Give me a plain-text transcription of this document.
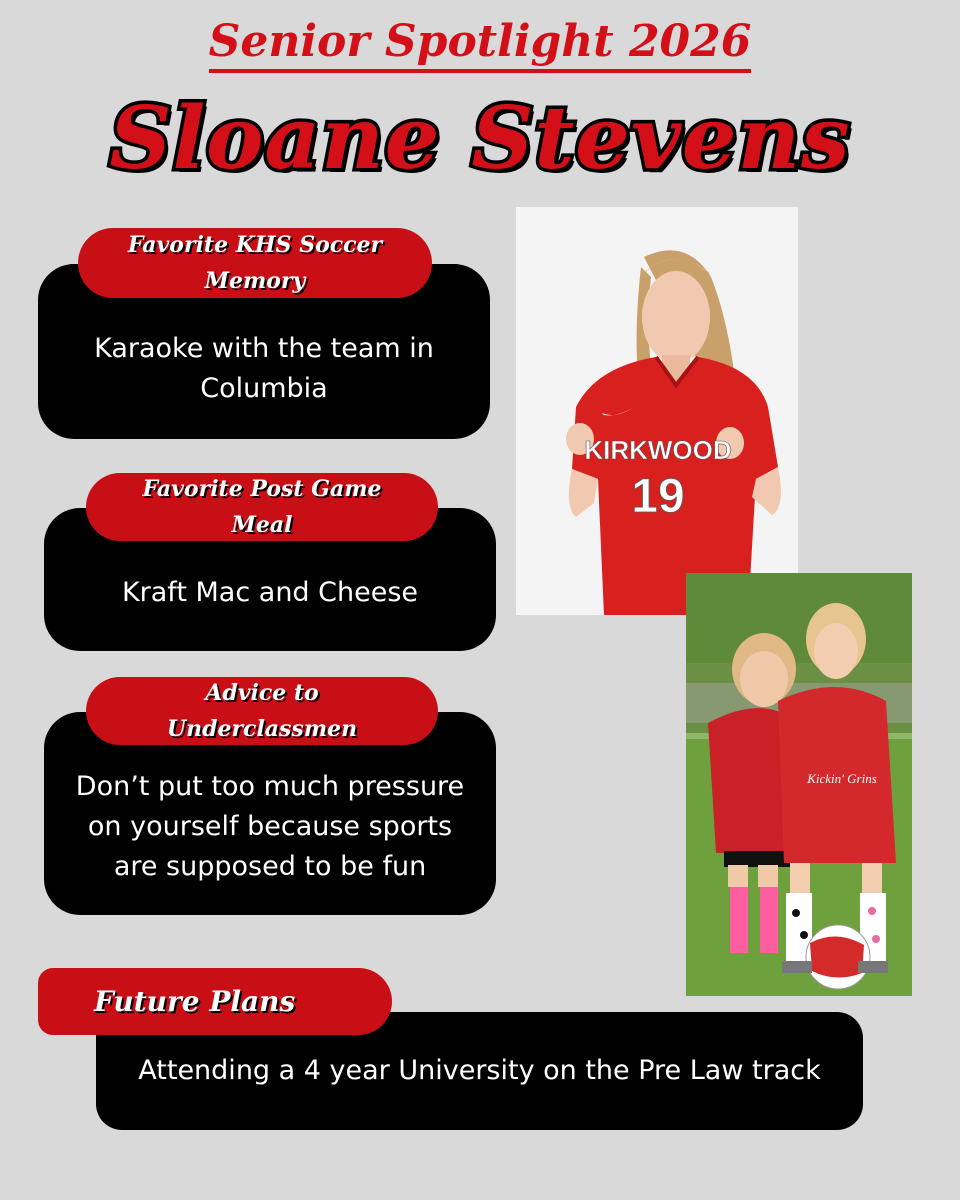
Senior Spotlight 2026
Sloane Stevens
Karaoke with the team in Columbia
Favorite KHS Soccer Memory
Kraft Mac and Cheese
Favorite Post Game Meal
Don’t put too much pressure on yourself because sports are supposed to be fun
Advice to Underclassmen
Attending a 4 year University on the Pre Law track
Future Plans
KIRKWOOD
19
Kickin' Grins
